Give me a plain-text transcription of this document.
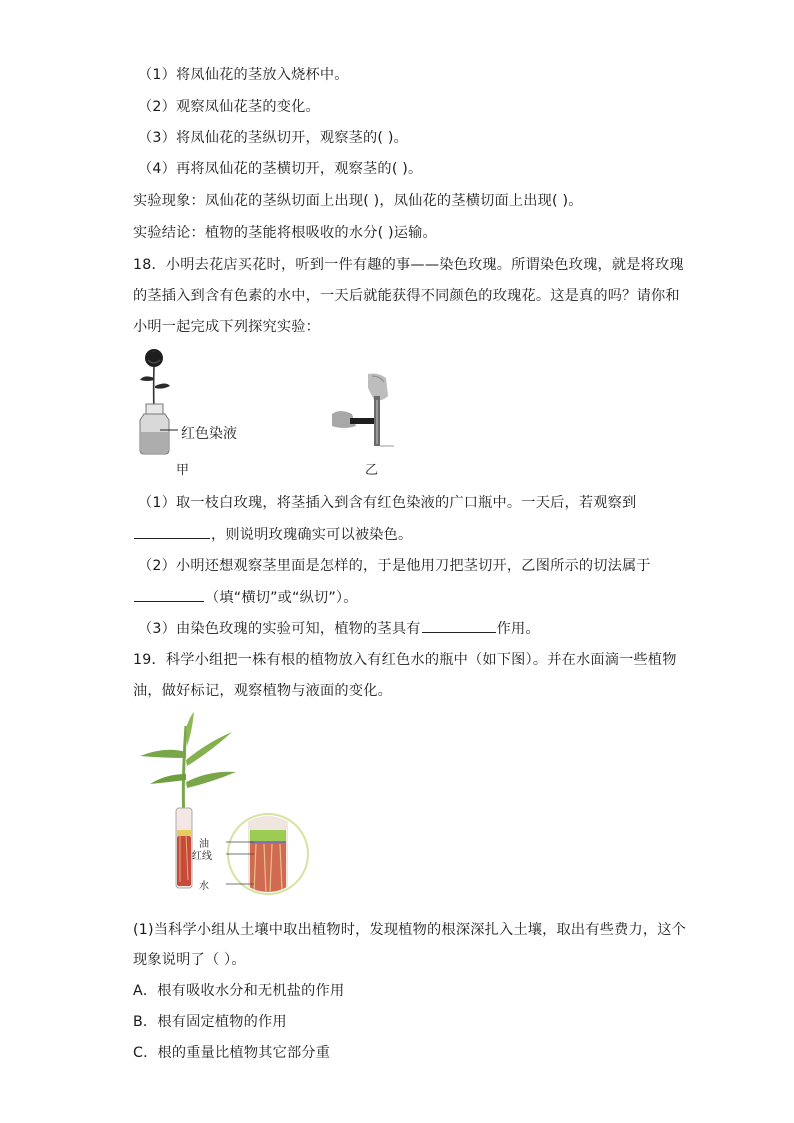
（1）将凤仙花的茎放入烧杯中。
（2）观察凤仙花茎的变化。
（3）将凤仙花的茎纵切开，观察茎的( )。
（4）再将凤仙花的茎横切开，观察茎的( )。
实验现象：凤仙花的茎纵切面上出现( )，凤仙花的茎横切面上出现( )。
实验结论：植物的茎能将根吸收的水分( )运输。
18．小明去花店买花时，听到一件有趣的事——染色玫瑰。所谓染色玫瑰，就是将玫瑰
的茎插入到含有色素的水中，一天后就能获得不同颜色的玫瑰花。这是真的吗？请你和
小明一起完成下列探究实验：
红色染液
甲	乙
（1）取一枝白玫瑰，将茎插入到含有红色染液的广口瓶中。一天后，若观察到
，则说明玫瑰确实可以被染色。
（2）小明还想观察茎里面是怎样的，于是他用刀把茎切开，乙图所示的切法属于
（填“横切”或“纵切”）。
（3）由染色玫瑰的实验可知，植物的茎具有	作用。
19．科学小组把一株有根的植物放入有红色水的瓶中（如下图）。并在水面滴一些植物
油，做好标记，观察植物与液面的变化。
油
红线
水
(1)当科学小组从土壤中取出植物时，发现植物的根深深扎入土壤，取出有些费力，这个
现象说明了（ ）。
A．根有吸收水分和无机盐的作用
B．根有固定植物的作用
C．根的重量比植物其它部分重
